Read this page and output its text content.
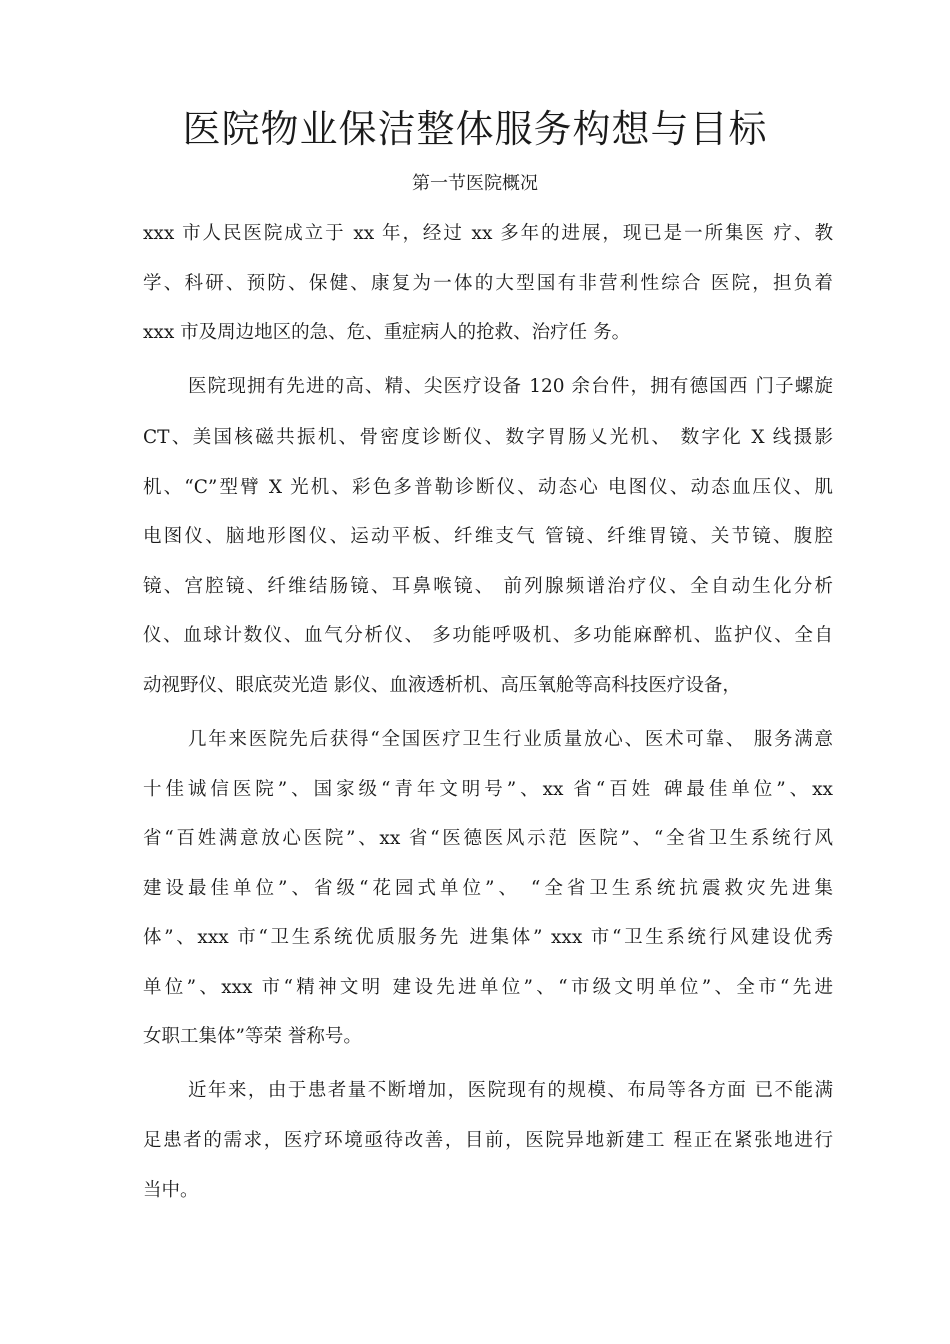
医院物业保洁整体服务构想与目标
第一节医院概况
xxx 市人民医院成立于 xx 年，经过 xx 多年的进展，现已是一所集医 疗、教
学、科研、预防、保健、康复为一体的大型国有非营利性综合 医院，担负着
xxx 市及周边地区的急、危、重症病人的抢救、治疗任 务。
医院现拥有先进的高、精、尖医疗设备 120 余台件，拥有德国西 门子螺旋
CT、美国核磁共振机、骨密度诊断仪、数字胃肠乂光机、 数字化 X 线摄影
机、“C”型臂 X 光机、彩色多普勒诊断仪、动态心 电图仪、动态血压仪、肌
电图仪、脑地形图仪、运动平板、纤维支气 管镜、纤维胃镜、关节镜、腹腔
镜、宫腔镜、纤维结肠镜、耳鼻喉镜、 前列腺频谱治疗仪、全自动生化分析
仪、血球计数仪、血气分析仪、 多功能呼吸机、多功能麻醉机、监护仪、全自
动视野仪、眼底荧光造 影仪、血液透析机、高压氧舱等高科技医疗设备，
几年来医院先后获得“全国医疗卫生行业质量放心、医术可靠、 服务满意
十佳诚信医院”、国家级“青年文明号”、xx 省“百姓 碑最佳单位”、xx
省“百姓满意放心医院”、xx 省“医德医风示范 医院”、“全省卫生系统行风
建设最佳单位”、省级“花园式单位”、 “全省卫生系统抗震救灾先进集
体”、xxx 市“卫生系统优质服务先 进集体” xxx 市“卫生系统行风建设优秀
单位”、xxx 市“精神文明 建设先进单位”、“市级文明单位”、全市“先进
女职工集体”等荣 誉称号。
近年来，由于患者量不断增加，医院现有的规模、布局等各方面 已不能满
足患者的需求，医疗环境亟待改善，目前，医院异地新建工 程正在紧张地进行
当中。
